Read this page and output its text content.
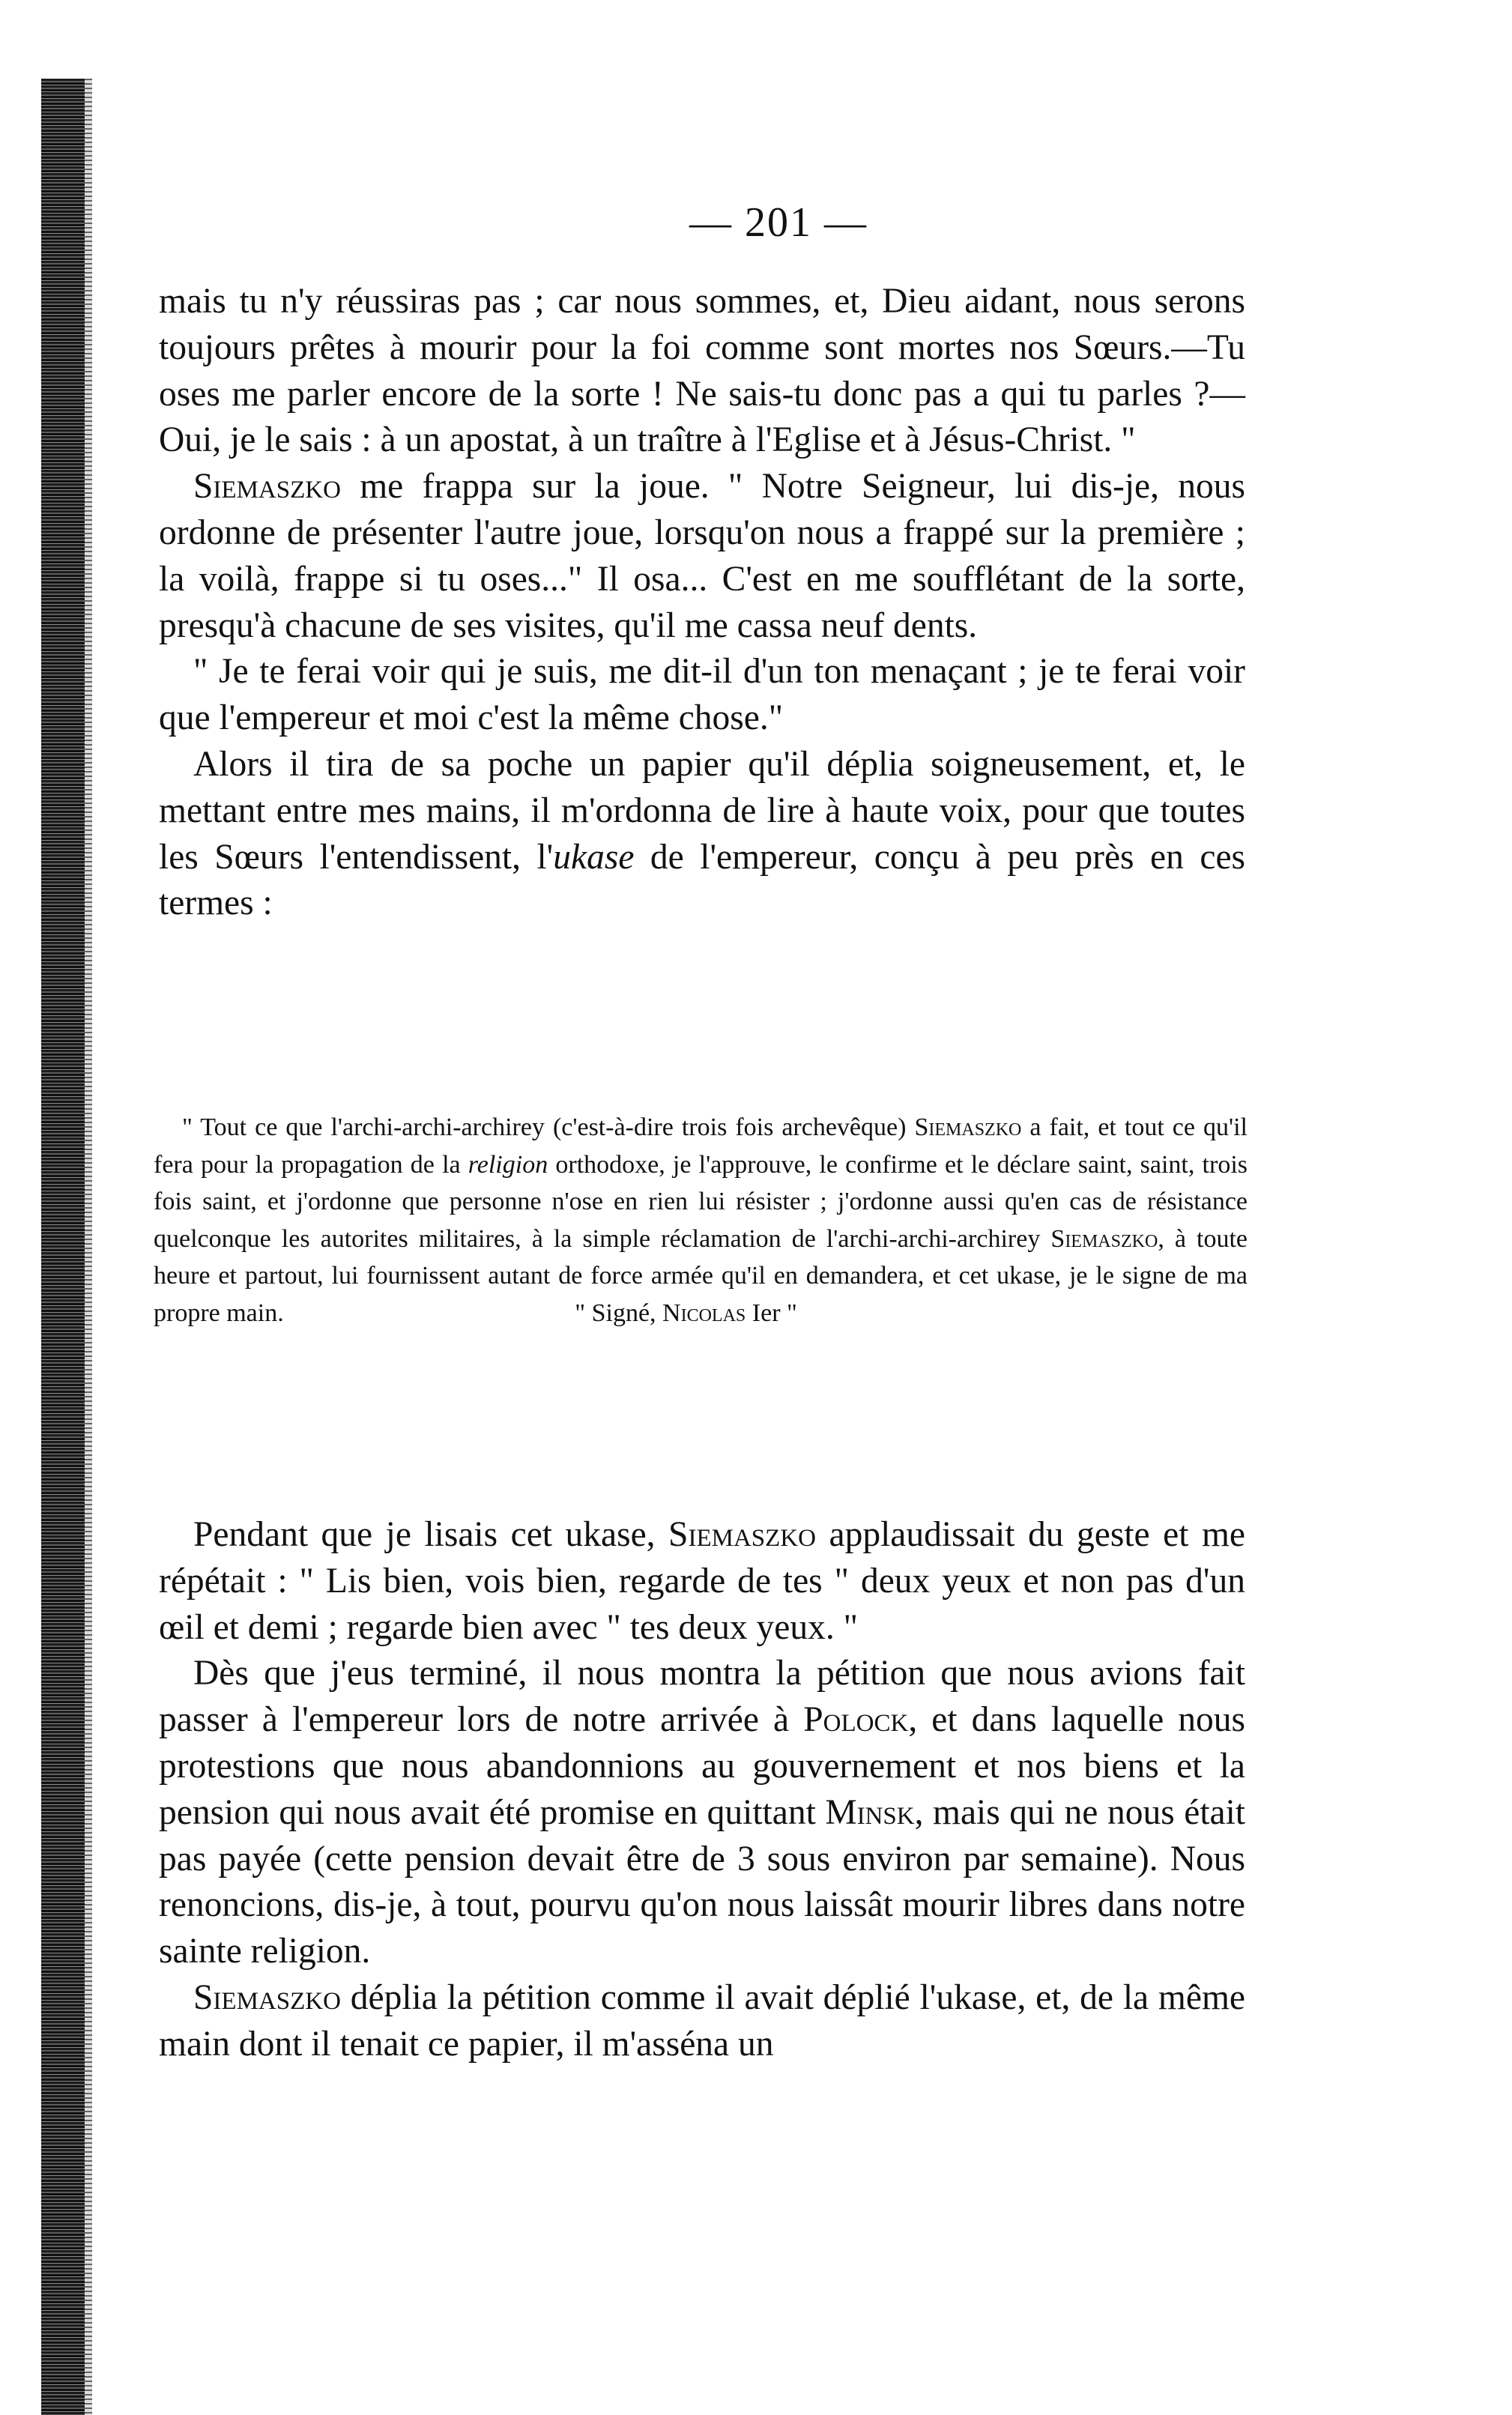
— 201 —

mais tu n'y réussiras pas ; car nous sommes, et, Dieu aidant, nous serons toujours prêtes à mourir pour la foi comme sont mortes nos Sœurs.—Tu oses me parler encore de la sorte ! Ne sais-tu donc pas a qui tu parles ?—Oui, je le sais : à un apostat, à un traître à l'Eglise et à Jésus-Christ. "

Siemaszko me frappa sur la joue. " Notre Seigneur, lui dis-je, nous ordonne de présenter l'autre joue, lorsqu'on nous a frappé sur la première ; la voilà, frappe si tu oses..." Il osa... C'est en me soufflétant de la sorte, presqu'à chacune de ses visites, qu'il me cassa neuf dents.

" Je te ferai voir qui je suis, me dit-il d'un ton menaçant ; je te ferai voir que l'empereur et moi c'est la même chose."

Alors il tira de sa poche un papier qu'il déplia soigneusement, et, le mettant entre mes mains, il m'ordonna de lire à haute voix, pour que toutes les Sœurs l'entendissent, l'ukase de l'empereur, conçu à peu près en ces termes :

" Tout ce que l'archi-archi-archirey (c'est-à-dire trois fois archevêque) Siemaszko a fait, et tout ce qu'il fera pour la propagation de la religion orthodoxe, je l'approuve, le confirme et le déclare saint, saint, trois fois saint, et j'ordonne que personne n'ose en rien lui résister ; j'ordonne aussi qu'en cas de résistance quelconque les autorites militaires, à la simple réclamation de l'archi-archi-archirey Siemaszko, à toute heure et partout, lui fournissent autant de force armée qu'il en demandera, et cet ukase, je le signe de ma propre main.	" Signé, Nicolas Ier "

Pendant que je lisais cet ukase, Siemaszko applaudissait du geste et me répétait : " Lis bien, vois bien, regarde de tes " deux yeux et non pas d'un œil et demi ; regarde bien avec " tes deux yeux. "

Dès que j'eus terminé, il nous montra la pétition que nous avions fait passer à l'empereur lors de notre arrivée à Polock, et dans laquelle nous protestions que nous abandonnions au gouvernement et nos biens et la pension qui nous avait été promise en quittant Minsk, mais qui ne nous était pas payée (cette pension devait être de 3 sous environ par semaine). Nous renoncions, dis-je, à tout, pourvu qu'on nous laissât mourir libres dans notre sainte religion.

Siemaszko déplia la pétition comme il avait déplié l'ukase, et, de la même main dont il tenait ce papier, il m'asséna un
